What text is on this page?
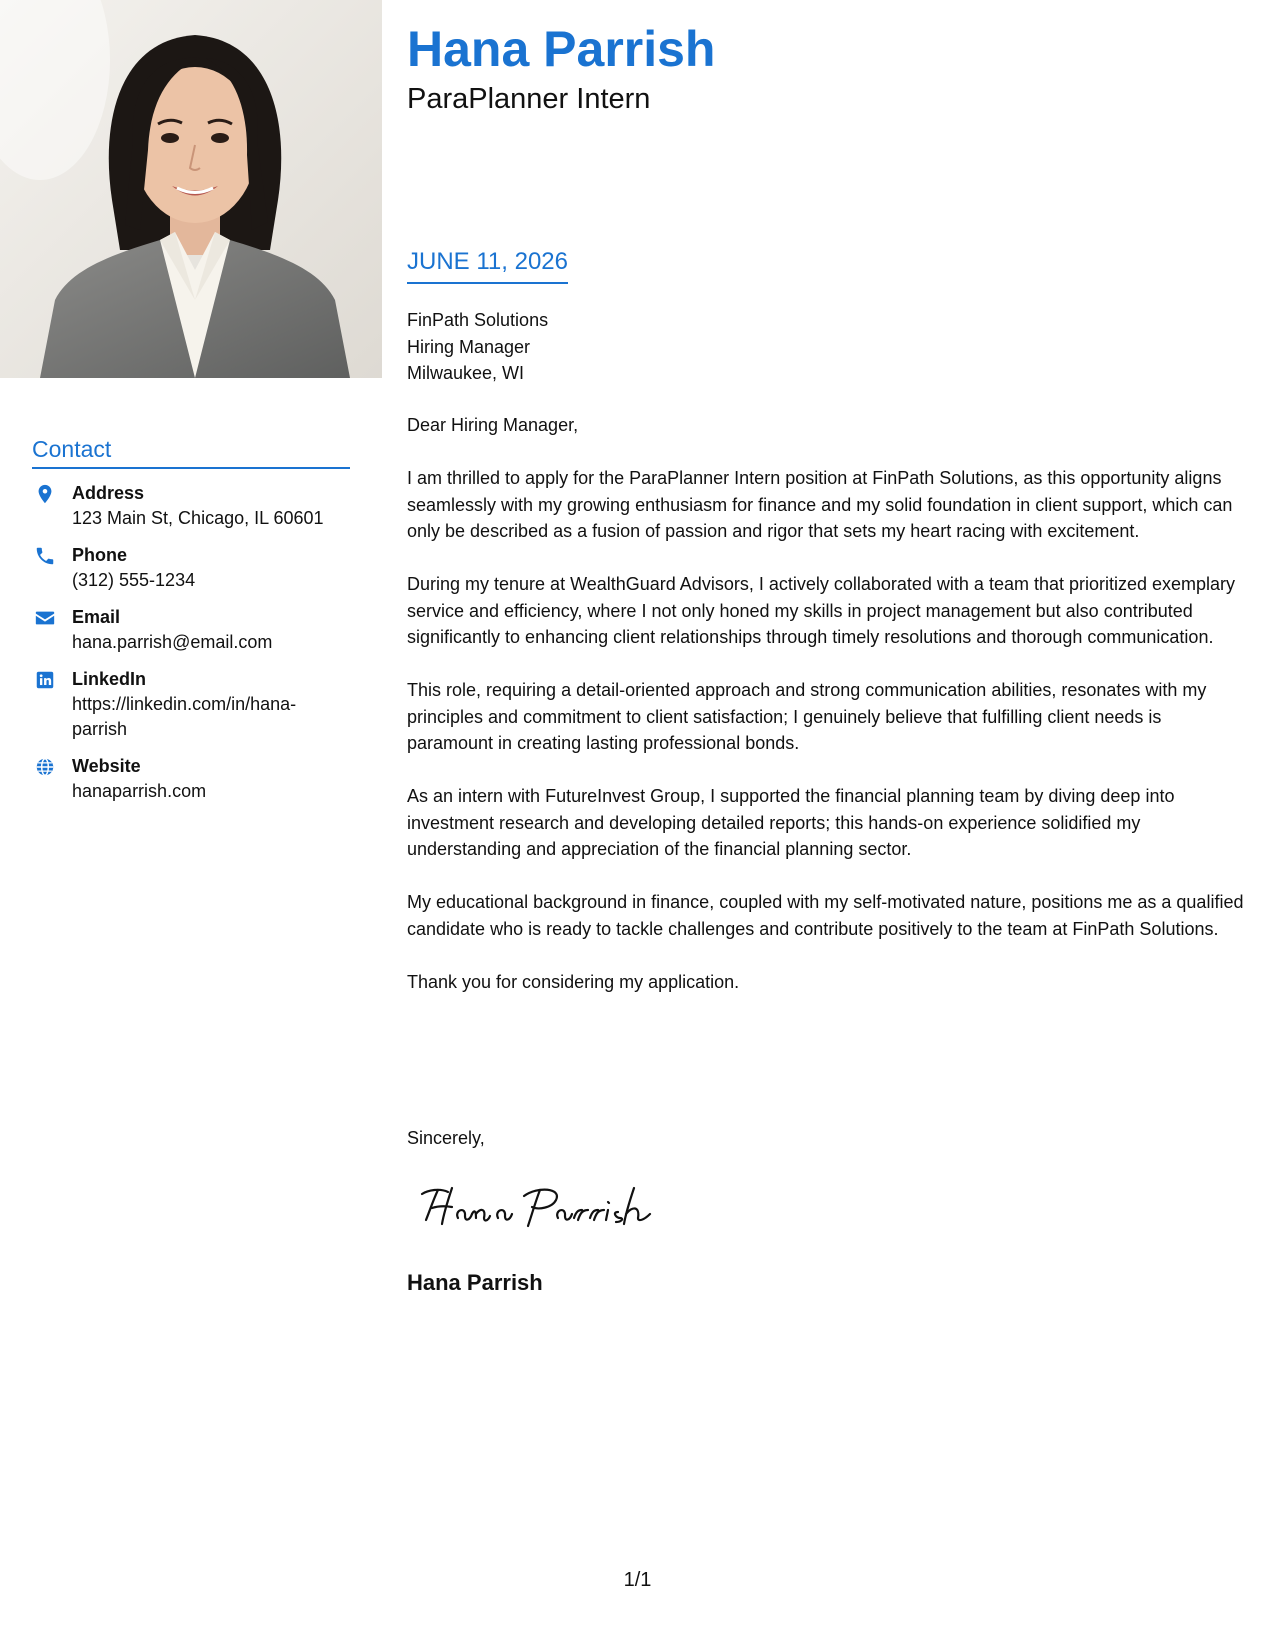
Contact
Address
123 Main St, Chicago, IL 60601
Phone
(312) 555-1234
Email
hana.parrish@email.com
LinkedIn
https://linkedin.com/in/hana-parrish
Website
hanaparrish.com
Hana Parrish
ParaPlanner Intern
JUNE 11, 2026
FinPath Solutions
Hiring Manager
Milwaukee, WI

Dear Hiring Manager,

I am thrilled to apply for the ParaPlanner Intern position at FinPath Solutions, as this opportunity aligns seamlessly with my growing enthusiasm for finance and my solid foundation in client support, which can only be described as a fusion of passion and rigor that sets my heart racing with excitement.

During my tenure at WealthGuard Advisors, I actively collaborated with a team that prioritized exemplary service and efficiency, where I not only honed my skills in project management but also contributed significantly to enhancing client relationships through timely resolutions and thorough communication.

This role, requiring a detail-oriented approach and strong communication abilities, resonates with my principles and commitment to client satisfaction; I genuinely believe that fulfilling client needs is paramount in creating lasting professional bonds.

As an intern with FutureInvest Group, I supported the financial planning team by diving deep into investment research and developing detailed reports; this hands-on experience solidified my understanding and appreciation of the financial planning sector.

My educational background in finance, coupled with my self-motivated nature, positions me as a qualified candidate who is ready to tackle challenges and contribute positively to the team at FinPath Solutions.

Thank you for considering my application.

Sincerely,
Hana Parrish
1/1
